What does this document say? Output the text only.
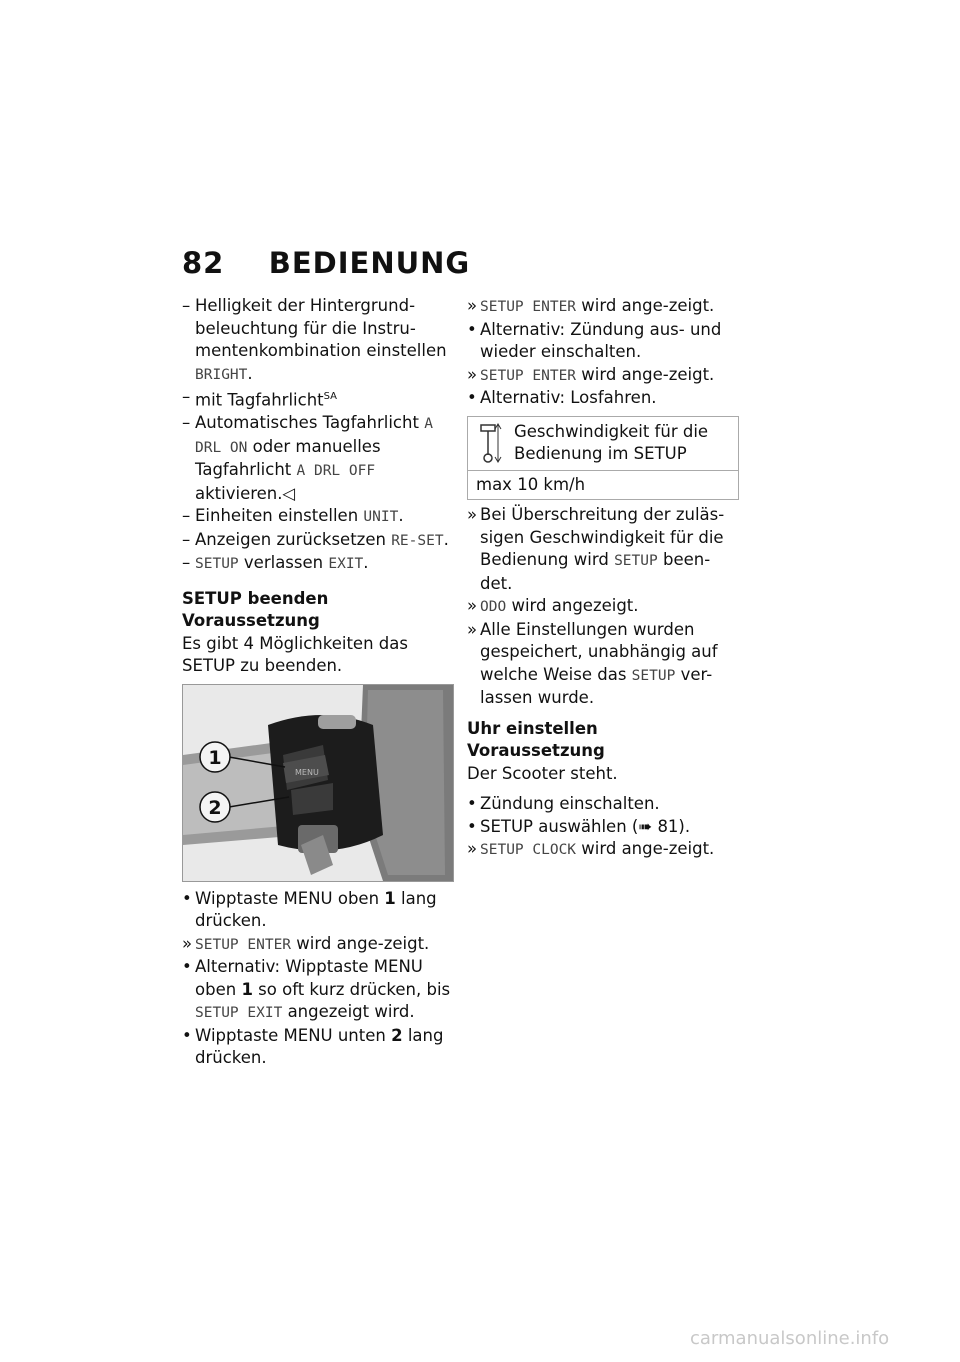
82 BEDIENUNG
– Helligkeit der Hintergrund-beleuchtung für die Instru-mentenkombination einstellen BRIGHT.
– mit Tagfahrlicht$^{SA}$
– Automatisches Tagfahrlicht A DRL ON oder manuelles Tagfahrlicht A DRL OFF aktivieren.◁
– Einheiten einstellen UNIT.
– Anzeigen zurücksetzen RE-SET.
– SETUP verlassen EXIT.
SETUP beenden
Voraussetzung
Es gibt 4 Möglichkeiten das SETUP zu beenden.
MENU
1
2
• Wipptaste MENU oben 1 lang drücken.
» SETUP ENTER wird ange-zeigt.
• Alternativ: Wipptaste MENU oben 1 so oft kurz drücken, bis SETUP EXIT angezeigt wird.
• Wipptaste MENU unten 2 lang drücken.
» SETUP ENTER wird ange-zeigt.
• Alternativ: Zündung aus- und wieder einschalten.
» SETUP ENTER wird ange-zeigt.
• Alternativ: Losfahren.
Geschwindigkeit für die Bedienung im SETUP
max 10 km/h
» Bei Überschreitung der zuläs-sigen Geschwindigkeit für die Bedienung wird SETUP been-det.
» ODO wird angezeigt.
» Alle Einstellungen wurden gespeichert, unabhängig auf welche Weise das SETUP ver-lassen wurde.
Uhr einstellen
Voraussetzung
Der Scooter steht.
• Zündung einschalten.
• SETUP auswählen (➠ 81).
» SETUP CLOCK wird ange-zeigt.
carmanualsonline.info
